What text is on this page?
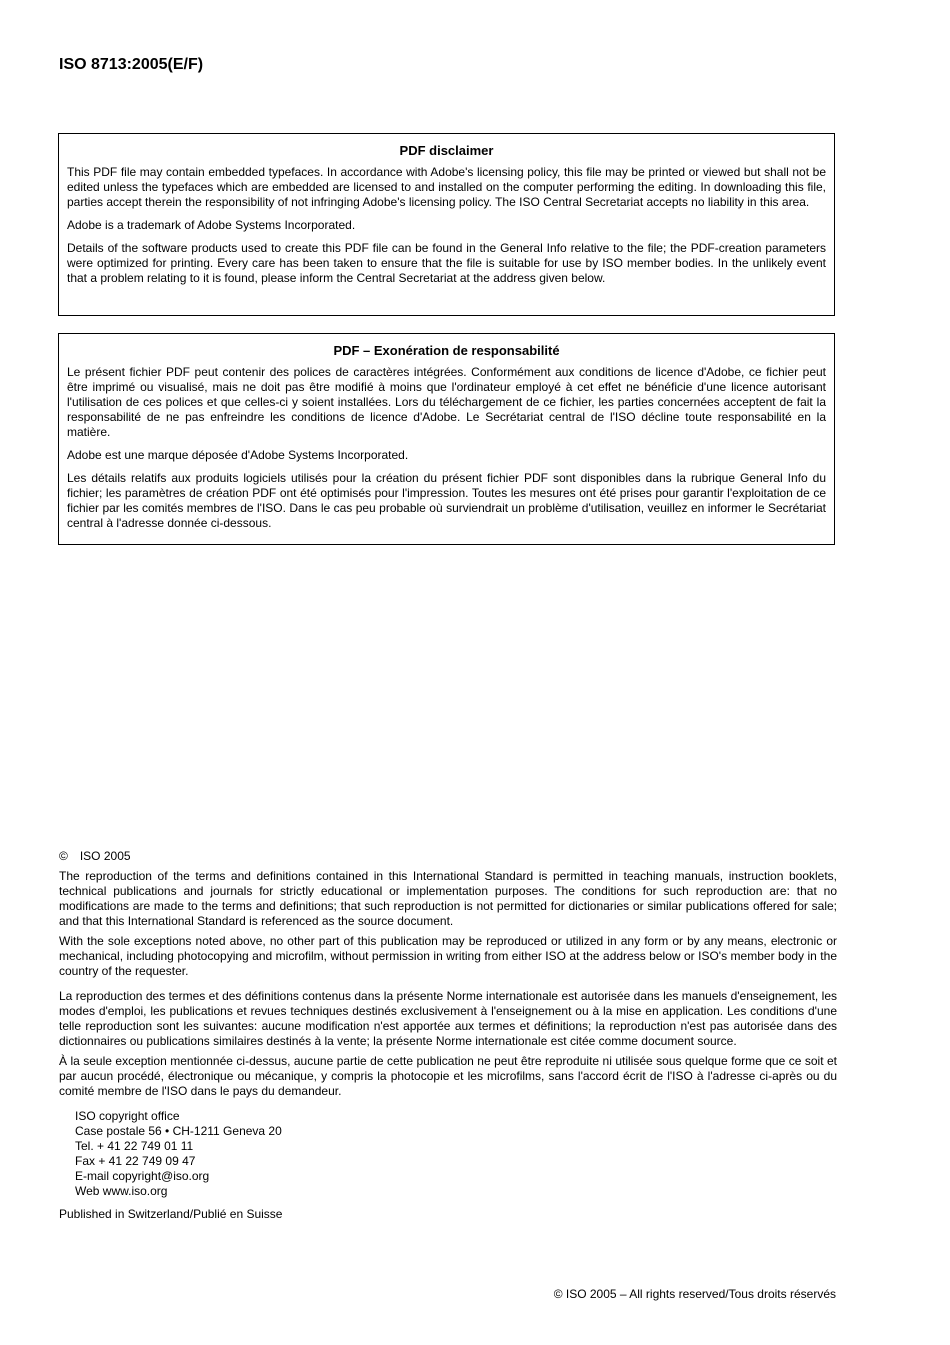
ISO 8713:2005(E/F)
PDF disclaimer

This PDF file may contain embedded typefaces. In accordance with Adobe's licensing policy, this file may be printed or viewed but shall not be edited unless the typefaces which are embedded are licensed to and installed on the computer performing the editing. In downloading this file, parties accept therein the responsibility of not infringing Adobe's licensing policy. The ISO Central Secretariat accepts no liability in this area.

Adobe is a trademark of Adobe Systems Incorporated.

Details of the software products used to create this PDF file can be found in the General Info relative to the file; the PDF-creation parameters were optimized for printing. Every care has been taken to ensure that the file is suitable for use by ISO member bodies. In the unlikely event that a problem relating to it is found, please inform the Central Secretariat at the address given below.

PDF – Exonération de responsabilité

Le présent fichier PDF peut contenir des polices de caractères intégrées. Conformément aux conditions de licence d'Adobe, ce fichier peut être imprimé ou visualisé, mais ne doit pas être modifié à moins que l'ordinateur employé à cet effet ne bénéficie d'une licence autorisant l'utilisation de ces polices et que celles-ci y soient installées. Lors du téléchargement de ce fichier, les parties concernées acceptent de fait la responsabilité de ne pas enfreindre les conditions de licence d'Adobe. Le Secrétariat central de l'ISO décline toute responsabilité en la matière.

Adobe est une marque déposée d'Adobe Systems Incorporated.

Les détails relatifs aux produits logiciels utilisés pour la création du présent fichier PDF sont disponibles dans la rubrique General Info du fichier; les paramètres de création PDF ont été optimisés pour l'impression. Toutes les mesures ont été prises pour garantir l'exploitation de ce fichier par les comités membres de l'ISO. Dans le cas peu probable où surviendrait un problème d'utilisation, veuillez en informer le Secrétariat central à l'adresse donnée ci-dessous.

© ISO 2005

The reproduction of the terms and definitions contained in this International Standard is permitted in teaching manuals, instruction booklets, technical publications and journals for strictly educational or implementation purposes. The conditions for such reproduction are: that no modifications are made to the terms and definitions; that such reproduction is not permitted for dictionaries or similar publications offered for sale; and that this International Standard is referenced as the source document.

With the sole exceptions noted above, no other part of this publication may be reproduced or utilized in any form or by any means, electronic or mechanical, including photocopying and microfilm, without permission in writing from either ISO at the address below or ISO's member body in the country of the requester.

La reproduction des termes et des définitions contenus dans la présente Norme internationale est autorisée dans les manuels d'enseignement, les modes d'emploi, les publications et revues techniques destinés exclusivement à l'enseignement ou à la mise en application. Les conditions d'une telle reproduction sont les suivantes: aucune modification n'est apportée aux termes et définitions; la reproduction n'est pas autorisée dans des dictionnaires ou publications similaires destinés à la vente; la présente Norme internationale est citée comme document source.

À la seule exception mentionnée ci-dessus, aucune partie de cette publication ne peut être reproduite ni utilisée sous quelque forme que ce soit et par aucun procédé, électronique ou mécanique, y compris la photocopie et les microfilms, sans l'accord écrit de l'ISO à l'adresse ci-après ou du comité membre de l'ISO dans le pays du demandeur.

ISO copyright office
Case postale 56 • CH-1211 Geneva 20
Tel. + 41 22 749 01 11
Fax + 41 22 749 09 47
E-mail copyright@iso.org
Web www.iso.org
Published in Switzerland/Publié en Suisse
© ISO 2005 – All rights reserved/Tous droits réservés
